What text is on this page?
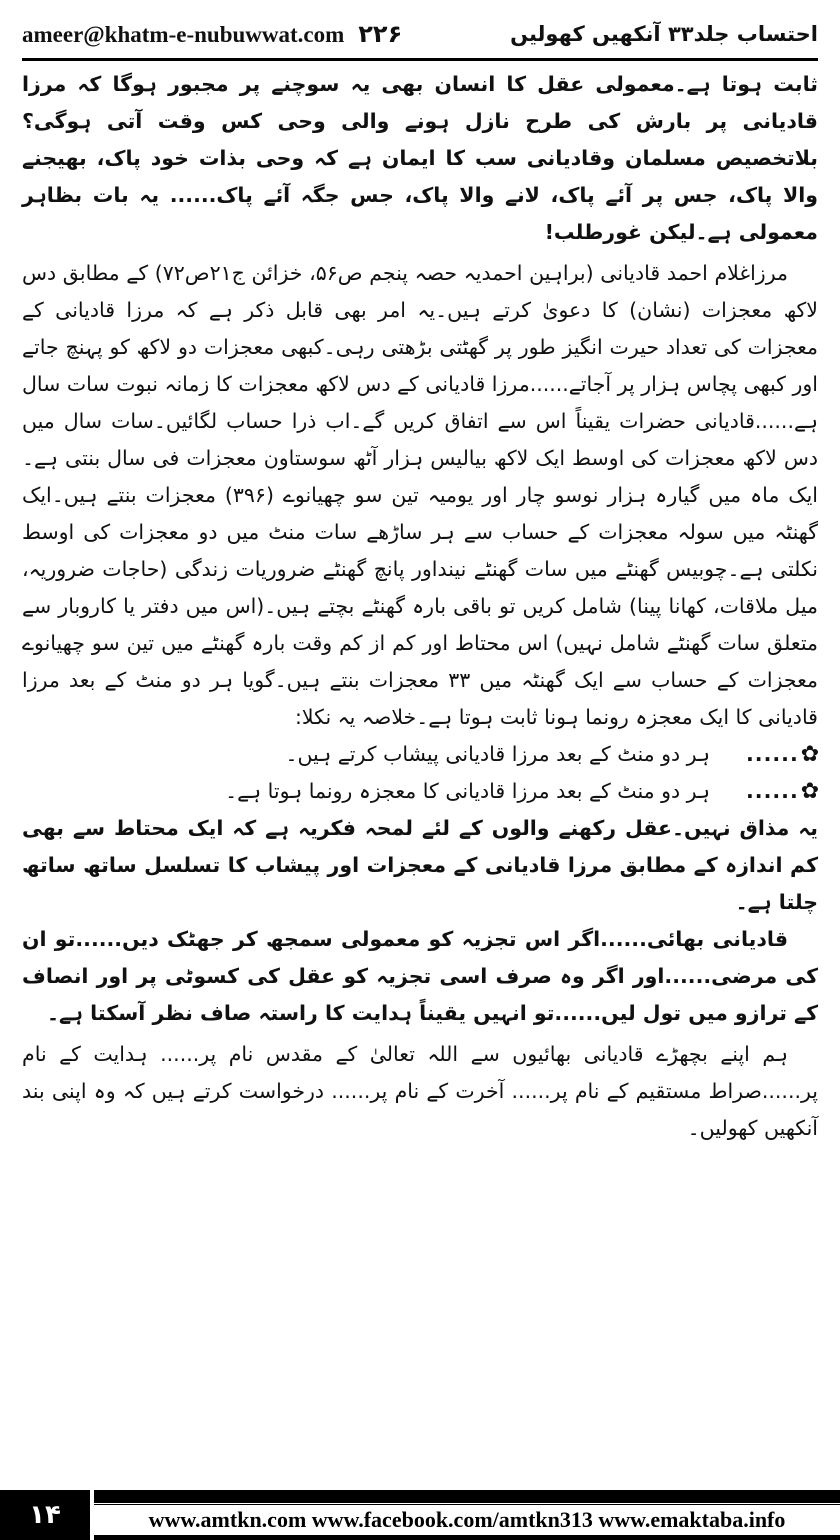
ameer@khatm-e-nubuwwat.com ۲۲۶	احتساب جلد۳۳ آنکھیں کھولیں

ثابت ہوتا ہے۔معمولی عقل کا انسان بھی یہ سوچنے پر مجبور ہوگا کہ مرزا قادیانی پر بارش کی طرح نازل ہونے والی وحی کس وقت آتی ہوگی؟ بلاتخصیص مسلمان وقادیانی سب کا ایمان ہے کہ وحی بذات خود پاک، بھیجنے والا پاک، جس پر آئے پاک، لانے والا پاک، جس جگہ آئے پاک...... یہ بات بظاہر معمولی ہے۔لیکن غورطلب!

مرزاغلام احمد قادیانی (براہین احمدیہ حصہ پنجم ص۵۶، خزائن ج۲۱ص۷۲) کے مطابق دس لاکھ معجزات (نشان) کا دعویٰ کرتے ہیں۔یہ امر بھی قابل ذکر ہے کہ مرزا قادیانی کے معجزات کی تعداد حیرت انگیز طور پر گھٹتی بڑھتی رہی۔کبھی معجزات دو لاکھ کو پہنچ جاتے اور کبھی پچاس ہزار پر آجاتے......مرزا قادیانی کے دس لاکھ معجزات کا زمانہ نبوت سات سال ہے......قادیانی حضرات یقیناً اس سے اتفاق کریں گے۔اب ذرا حساب لگائیں۔سات سال میں دس لاکھ معجزات کی اوسط ایک لاکھ بیالیس ہزار آٹھ سوستاون معجزات فی سال بنتی ہے۔ایک ماہ میں گیارہ ہزار نوسو چار اور یومیہ تین سو چھیانوے (۳۹۶) معجزات بنتے ہیں۔ایک گھنٹہ میں سولہ معجزات کے حساب سے ہر ساڑھے سات منٹ میں دو معجزات کی اوسط نکلتی ہے۔چوبیس گھنٹے میں سات گھنٹے نینداور پانچ گھنٹے ضروریات زندگی (حاجات ضروریہ، میل ملاقات، کھانا پینا) شامل کریں تو باقی بارہ گھنٹے بچتے ہیں۔(اس میں دفتر یا کاروبار سے متعلق سات گھنٹے شامل نہیں) اس محتاط اور کم از کم وقت بارہ گھنٹے میں تین سو چھیانوے معجزات کے حساب سے ایک گھنٹہ میں ۳۳ معجزات بنتے ہیں۔گویا ہر دو منٹ کے بعد مرزا قادیانی کا ایک معجزہ رونما ہونا ثابت ہوتا ہے۔خلاصہ یہ نکلا:

...... ✿
ہر دو منٹ کے بعد مرزا قادیانی پیشاب کرتے ہیں۔
...... ✿
ہر دو منٹ کے بعد مرزا قادیانی کا معجزہ رونما ہوتا ہے۔

یہ مذاق نہیں۔عقل رکھنے والوں کے لئے لمحہ فکریہ ہے کہ ایک محتاط سے بھی کم اندازہ کے مطابق مرزا قادیانی کے معجزات اور پیشاب کا تسلسل ساتھ ساتھ چلتا ہے۔

قادیانی بھائی......اگر اس تجزیہ کو معمولی سمجھ کر جھٹک دیں......تو ان کی مرضی......اور اگر وہ صرف اسی تجزیہ کو عقل کی کسوٹی پر اور انصاف کے ترازو میں تول لیں......تو انہیں یقیناً ہدایت کا راستہ صاف نظر آسکتا ہے۔

ہم اپنے بچھڑے قادیانی بھائیوں سے اللہ تعالیٰ کے مقدس نام پر...... ہدایت کے نام پر......صراط مستقیم کے نام پر...... آخرت کے نام پر...... درخواست کرتے ہیں کہ وہ اپنی بند آنکھیں کھولیں۔

۱۴	www.amtkn.com www.facebook.com/amtkn313 www.emaktaba.info
